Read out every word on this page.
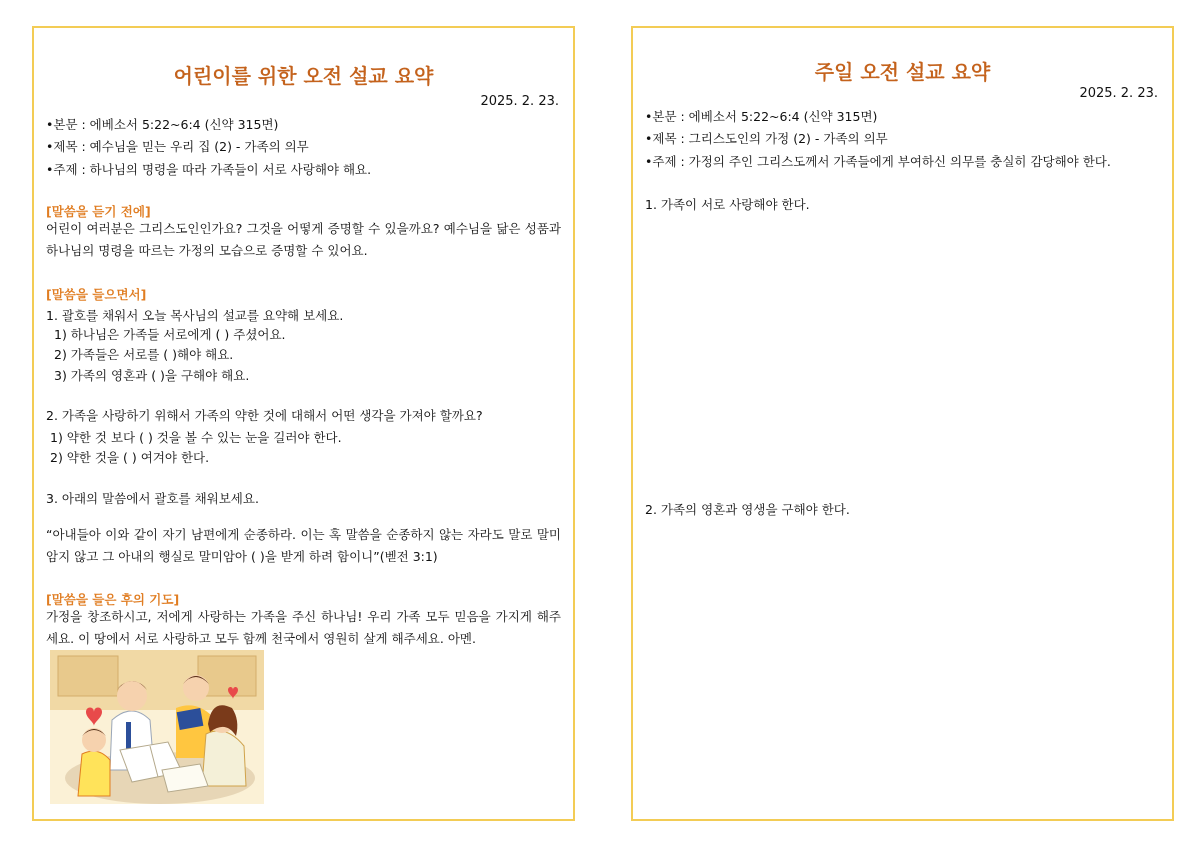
어린이를 위한 오전 설교 요약
2025. 2. 23.
•본문 : 에베소서 5:22~6:4 (신약 315면)
•제목 : 예수님을 믿는 우리 집 (2) - 가족의 의무
•주제 : 하나님의 명령을 따라 가족들이 서로 사랑해야 해요.
[말씀을 듣기 전에]
어린이 여러분은 그리스도인인가요? 그것을 어떻게 증명할 수 있을까요? 예수님을 닮은 성품과 하나님의 명령을 따르는 가정의 모습으로 증명할 수 있어요.
[말씀을 들으면서]
1. 괄호를 채워서 오늘 목사님의 설교를 요약해 보세요.
1) 하나님은 가족들 서로에게 ( ) 주셨어요.
2) 가족들은 서로를 ( )해야 해요.
3) 가족의 영혼과 ( )을 구해야 해요.
2. 가족을 사랑하기 위해서 가족의 약한 것에 대해서 어떤 생각을 가져야 할까요?
1) 약한 것 보다 ( ) 것을 볼 수 있는 눈을 길러야 한다.
2) 약한 것을 ( ) 여겨야 한다.
3. 아래의 말씀에서 괄호를 채워보세요.
“아내들아 이와 같이 자기 남편에게 순종하라. 이는 혹 말씀을 순종하지 않는 자라도 말로 말미암지 않고 그 아내의 행실로 말미암아 ( )을 받게 하려 함이니”(벧전 3:1)
[말씀을 들은 후의 기도]
가정을 창조하시고, 저에게 사랑하는 가족을 주신 하나님! 우리 가족 모두 믿음을 가지게 해주세요. 이 땅에서 서로 사랑하고 모두 함께 천국에서 영원히 살게 해주세요. 아멘.
주일 오전 설교 요약
2025. 2. 23.
•본문 : 에베소서 5:22~6:4 (신약 315면)
•제목 : 그리스도인의 가정 (2) - 가족의 의무
•주제 : 가정의 주인 그리스도께서 가족들에게 부여하신 의무를 충실히 감당해야 한다.
1. 가족이 서로 사랑해야 한다.
2. 가족의 영혼과 영생을 구해야 한다.
